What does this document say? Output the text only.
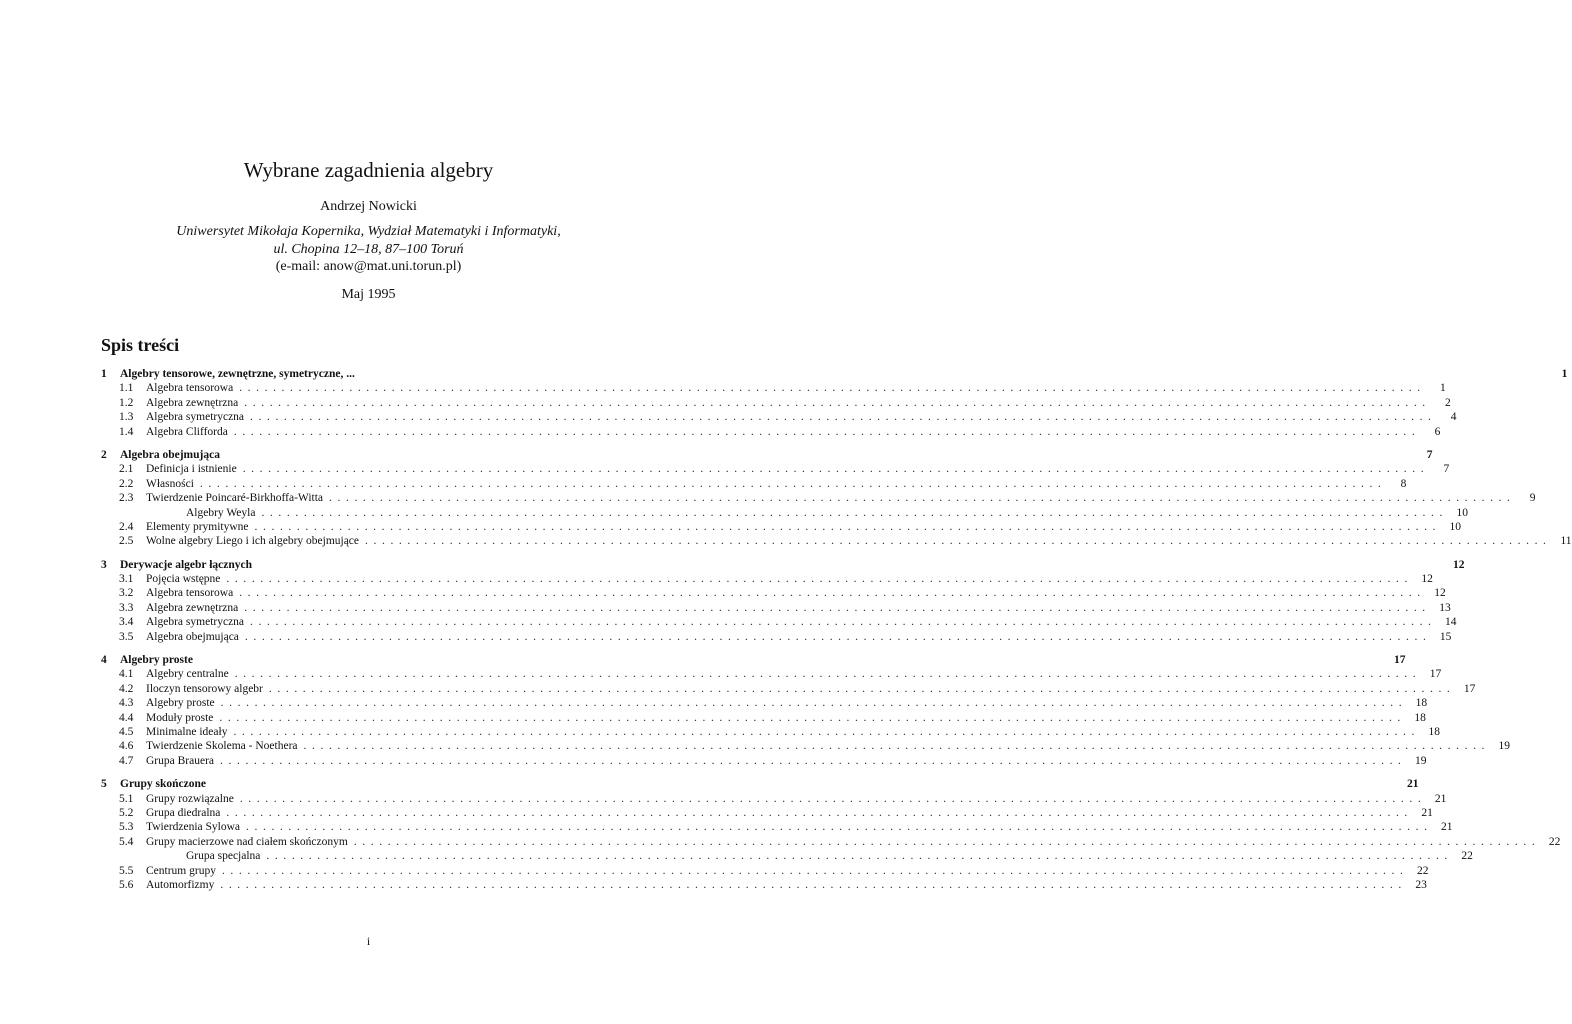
Wybrane zagadnienia algebry
Andrzej Nowicki
Uniwersytet Mikołaja Kopernika, Wydział Matematyki i Informatyki,
ul. Chopina 12–18, 87–100 Toruń
(e-mail: anow@mat.uni.torun.pl)
Maj 1995
Spis treści
1	Algebry tensorowe, zewnętrzne, symetryczne, ...	1
1.1	Algebra tensorowa ............................................................................................................................................	1
1.2	Algebra zewnętrzna ............................................................................................................................................	2
1.3	Algebra symetryczna ............................................................................................................................................	4
1.4	Algebra Clifforda ............................................................................................................................................	6
2	Algebra obejmująca	7
2.1	Definicja i istnienie ............................................................................................................................................	7
2.2	Własności ............................................................................................................................................	8
2.3	Twierdzenie Poincaré-Birkhoffa-Witta ............................................................................................................................................	9
Algebry Weyla ............................................................................................................................................ 10
2.4	Elementy prymitywne ............................................................................................................................................ 10
2.5	Wolne algebry Liego i ich algebry obejmujące ............................................................................................................................................ 11
3	Derywacje algebr łącznych	12
3.1	Pojęcia wstępne ............................................................................................................................................ 12
3.2	Algebra tensorowa ............................................................................................................................................ 12
3.3	Algebra zewnętrzna ............................................................................................................................................ 13
3.4	Algebra symetryczna ............................................................................................................................................ 14
3.5	Algebra obejmująca ............................................................................................................................................ 15
4	Algebry proste	17
4.1	Algebry centralne ............................................................................................................................................ 17
4.2	Iloczyn tensorowy algebr ............................................................................................................................................ 17
4.3	Algebry proste ............................................................................................................................................ 18
4.4	Moduły proste ............................................................................................................................................ 18
4.5	Minimalne ideały ............................................................................................................................................ 18
4.6	Twierdzenie Skolema - Noethera ............................................................................................................................................ 19
4.7	Grupa Brauera ............................................................................................................................................ 19
5	Grupy skończone	21
5.1	Grupy rozwiązalne ............................................................................................................................................ 21
5.2	Grupa diedralna ............................................................................................................................................ 21
5.3	Twierdzenia Sylowa ............................................................................................................................................ 21
5.4	Grupy macierzowe nad ciałem skończonym ............................................................................................................................................ 22
Grupa specjalna ............................................................................................................................................ 22
5.5	Centrum grupy ............................................................................................................................................ 22
5.6	Automorfizmy ............................................................................................................................................ 23
i
